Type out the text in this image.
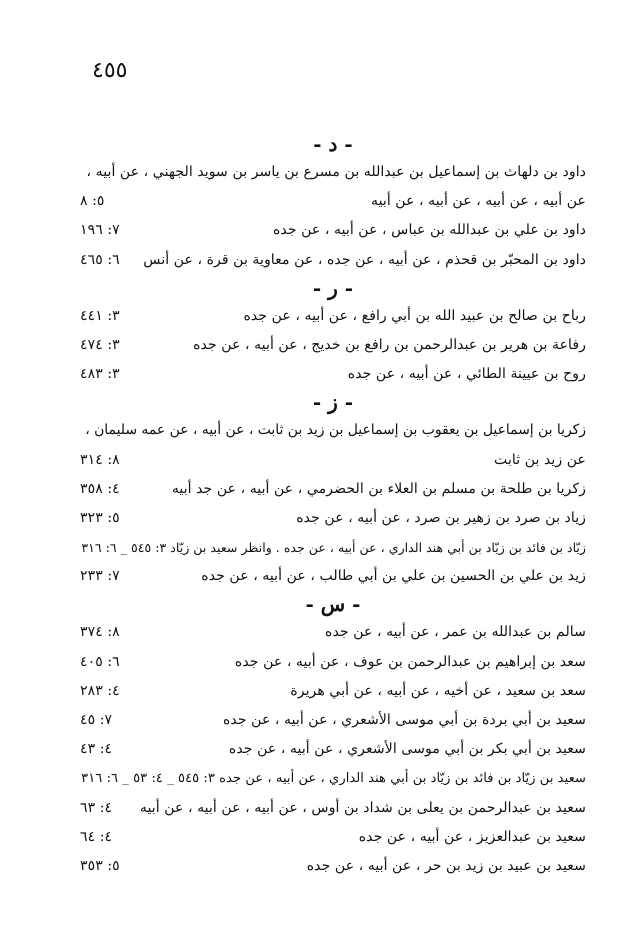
٤٥٥
- د -
داود بن دلهاث بن إسماعيل بن عبدالله بن مسرع بن ياسر بن سويد الجهني ، عن أبيه ،
عن أبيه ، عن أبيه ، عن أبيه ، عن أبيه
٥: ٨
داود بن علي بن عبدالله بن عباس ، عن أبيه ، عن جده
٧: ١٩٦
داود بن المحبّر بن قحذم ، عن أبيه ، عن جده ، عن معاوية بن قرة ، عن أنس
٦: ٤٦٥
- ر -
رباح بن صالح بن عبيد الله بن أبي رافع ، عن أبيه ، عن جده
٣: ٤٤١
رفاعة بن هرير بن عبدالرحمن بن رافع بن خديج ، عن أبيه ، عن جده
٣: ٤٧٤
روح بن عيينة الطائي ، عن أبيه ، عن جده
٣: ٤٨٣
- ز -
زكريا بن إسماعيل بن يعقوب بن إسماعيل بن زيد بن ثابت ، عن أبيه ، عن عمه سليمان ،
عن زيد بن ثابت
٨: ٣١٤
زكريا بن طلحة بن مسلم بن العلاء بن الحضرمي ، عن أبيه ، عن جد أبيه
٤: ٣٥٨
زياد بن صرد بن زهير بن صرد ، عن أبيه ، عن جده
٥: ٣٢٣
زيّاد بن فائد بن زيّاد بن أبي هند الداري ، عن أبيه ، عن جده . وانظر سعيد بن زيّاد ٣: ٥٤٥ _ ٦: ٣١٦
زيد بن علي بن الحسين بن علي بن أبي طالب ، عن أبيه ، عن جده
٧: ٢٣٣
- س -
سالم بن عبدالله بن عمر ، عن أبيه ، عن جده
٨: ٣٧٤
سعد بن إبراهيم بن عبدالرحمن بن عوف ، عن أبيه ، عن جده
٦: ٤٠٥
سعد بن سعيد ، عن أخيه ، عن أبيه ، عن أبي هريرة
٤: ٢٨٣
سعيد بن أبي بردة بن أبي موسى الأشعري ، عن أبيه ، عن جده
٧: ٤٥
سعيد بن أبي بكر بن أبي موسى الأشعري ، عن أبيه ، عن جده
٤: ٤٣
سعيد بن زيّاد بن فائد بن زيّاد بن أبي هند الداري ، عن أبيه ، عن جده ٣: ٥٤٥ _ ٤: ٥٣ _ ٦: ٣١٦
سعيد بن عبدالرحمن بن يعلى بن شداد بن أوس ، عن أبيه ، عن أبيه ، عن أبيه
٤: ٦٣
سعيد بن عبدالعزيز ، عن أبيه ، عن جده
٤: ٦٤
سعيد بن عبيد بن زيد بن حر ، عن أبيه ، عن جده
٥: ٣٥٣
